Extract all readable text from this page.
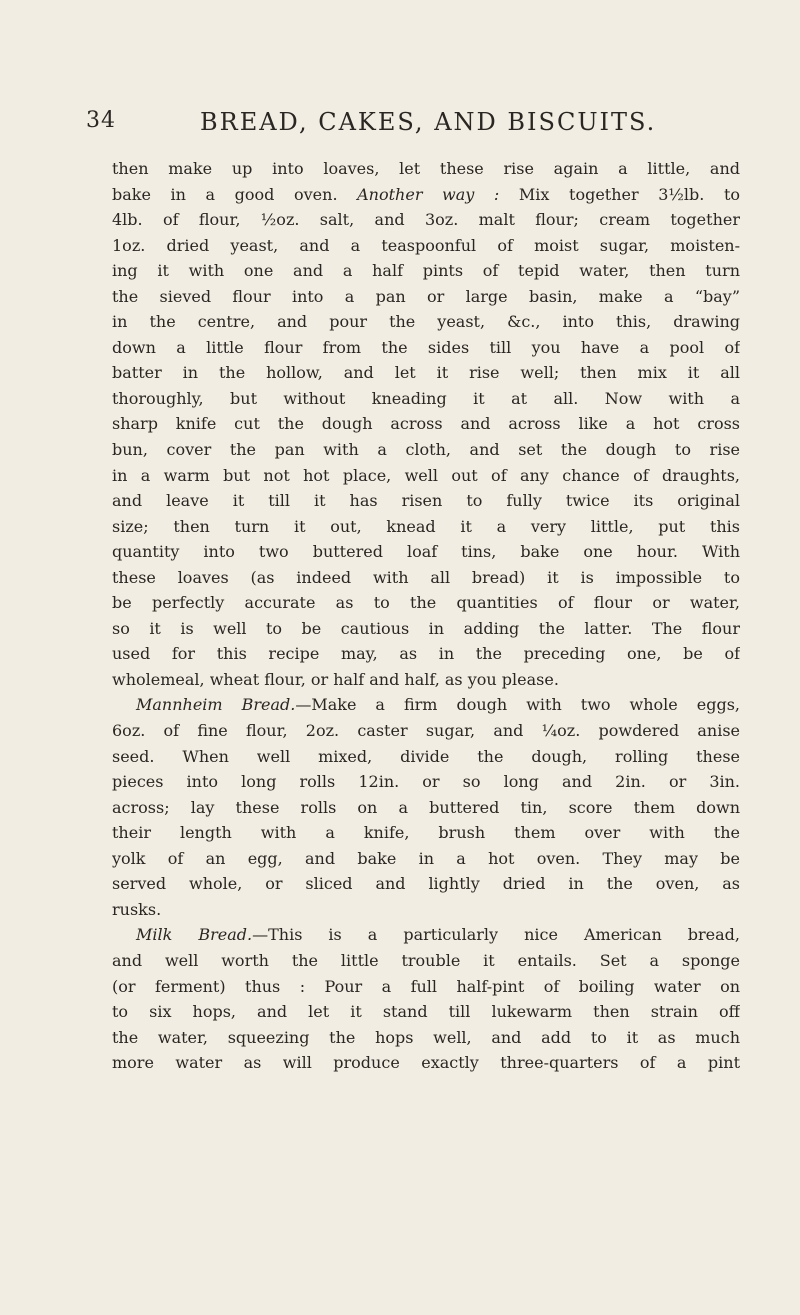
34	BREAD, CAKES, AND BISCUITS.
then make up into loaves, let these rise again a little, and
bake in a good oven. Another way : Mix together 3½lb. to
4lb. of flour, ½oz. salt, and 3oz. malt flour; cream together
1oz. dried yeast, and a teaspoonful of moist sugar, moisten-
ing it with one and a half pints of tepid water, then turn
the sieved flour into a pan or large basin, make a “bay”
in the centre, and pour the yeast, &c., into this, drawing
down a little flour from the sides till you have a pool of
batter in the hollow, and let it rise well; then mix it all
thoroughly, but without kneading it at all. Now with a
sharp knife cut the dough across and across like a hot cross
bun, cover the pan with a cloth, and set the dough to rise
in a warm but not hot place, well out of any chance of draughts,
and leave it till it has risen to fully twice its original
size; then turn it out, knead it a very little, put this
quantity into two buttered loaf tins, bake one hour. With
these loaves (as indeed with all bread) it is impossible to
be perfectly accurate as to the quantities of flour or water,
so it is well to be cautious in adding the latter. The flour
used for this recipe may, as in the preceding one, be of
wholemeal, wheat flour, or half and half, as you please.
Mannheim Bread.—Make a firm dough with two whole eggs,
6oz. of fine flour, 2oz. caster sugar, and ¼oz. powdered anise
seed. When well mixed, divide the dough, rolling these
pieces into long rolls 12in. or so long and 2in. or 3in.
across; lay these rolls on a buttered tin, score them down
their length with a knife, brush them over with the
yolk of an egg, and bake in a hot oven. They may be
served whole, or sliced and lightly dried in the oven, as
rusks.
Milk Bread.—This is a particularly nice American bread,
and well worth the little trouble it entails. Set a sponge
(or ferment) thus : Pour a full half-pint of boiling water on
to six hops, and let it stand till lukewarm then strain off
the water, squeezing the hops well, and add to it as much
more water as will produce exactly three-quarters of a pint
